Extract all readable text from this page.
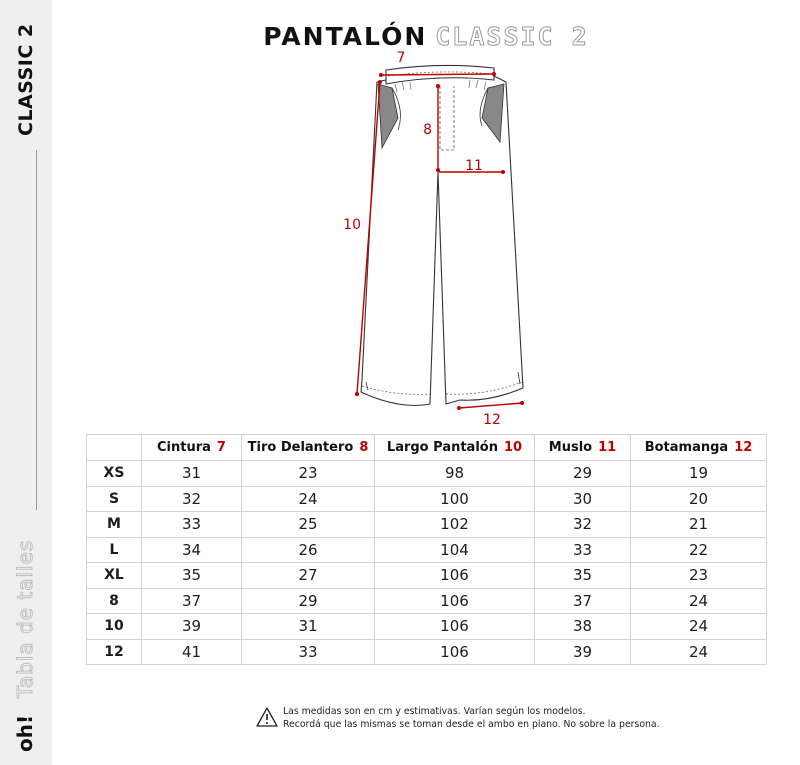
CLASSIC 2
Tabla de talles
oh!
PANTALÓN CLASSIC 2
7
8
11
10
12
	Cintura 7	Tiro Delantero 8	Largo Pantalón 10	Muslo 11	Botamanga 12
XS	31	23	98	29	19
S	32	24	100	30	20
M	33	25	102	32	21
L	34	26	104	33	22
XL	35	27	106	35	23
8	37	29	106	37	24
10	39	31	106	38	24
12	41	33	106	39	24
Las medidas son en cm y estimativas. Varían según los modelos.
Recordá que las mismas se toman desde el ambo en plano. No sobre la persona.
